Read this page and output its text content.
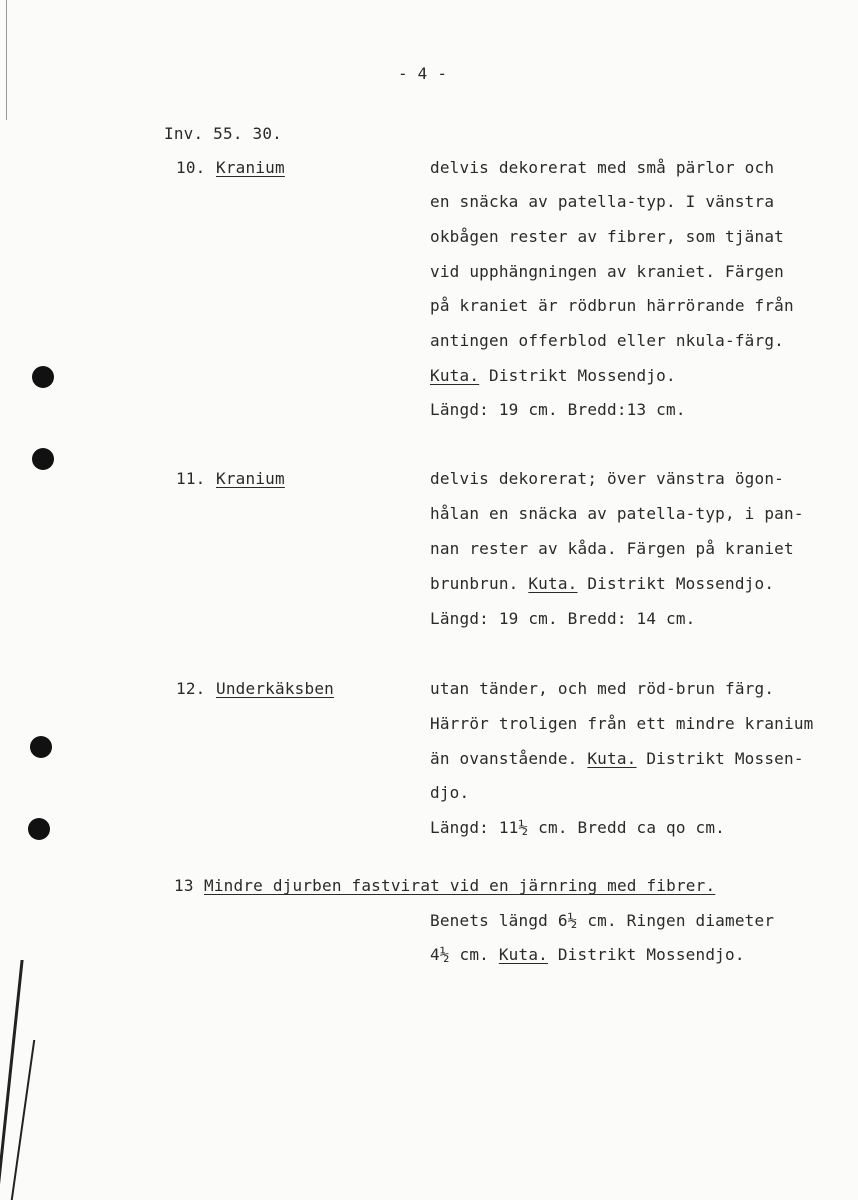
- 4 -
Inv. 55. 30.
10. Kranium	delvis dekorerat med små pärlor och
en snäcka av patella-typ. I vänstra
okbågen rester av fibrer, som tjänat
vid upphängningen av kraniet. Färgen
på kraniet är rödbrun härrörande från
antingen offerblod eller nkula-färg.
Kuta. Distrikt Mossendjo.
Längd: 19 cm. Bredd:13 cm.
11. Kranium	delvis dekorerat; över vänstra ögon-
hålan en snäcka av patella-typ, i pan-
nan rester av kåda. Färgen på kraniet
brunbrun. Kuta. Distrikt Mossendjo.
Längd: 19 cm. Bredd: 14 cm.
12. Underkäksben	utan tänder, och med röd-brun färg.
Härrör troligen från ett mindre kranium
än ovanstående. Kuta. Distrikt Mossen-
djo.
Längd: 11½ cm. Bredd ca qo cm.
13 Mindre djurben fastvirat vid en järnring med fibrer.
Benets längd 6½ cm. Ringen diameter
4½ cm. Kuta. Distrikt Mossendjo.
